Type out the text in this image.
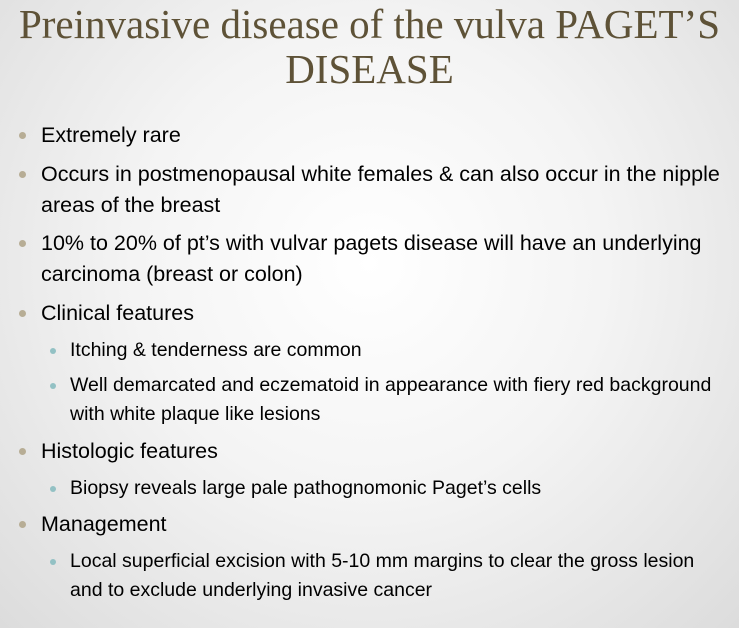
Preinvasive disease of the vulva PAGET’S DISEASE
Extremely rare
Occurs in postmenopausal white females & can also occur in the nipple areas of the breast
10% to 20% of pt’s with vulvar pagets disease will have an underlying carcinoma (breast or colon)
Clinical features
Itching & tenderness are common
Well demarcated and eczematoid in appearance with fiery red background with white plaque like lesions
Histologic features
Biopsy reveals large pale pathognomonic Paget’s cells
Management
Local superficial excision with 5-10 mm margins to clear the gross lesion and to exclude underlying invasive cancer
